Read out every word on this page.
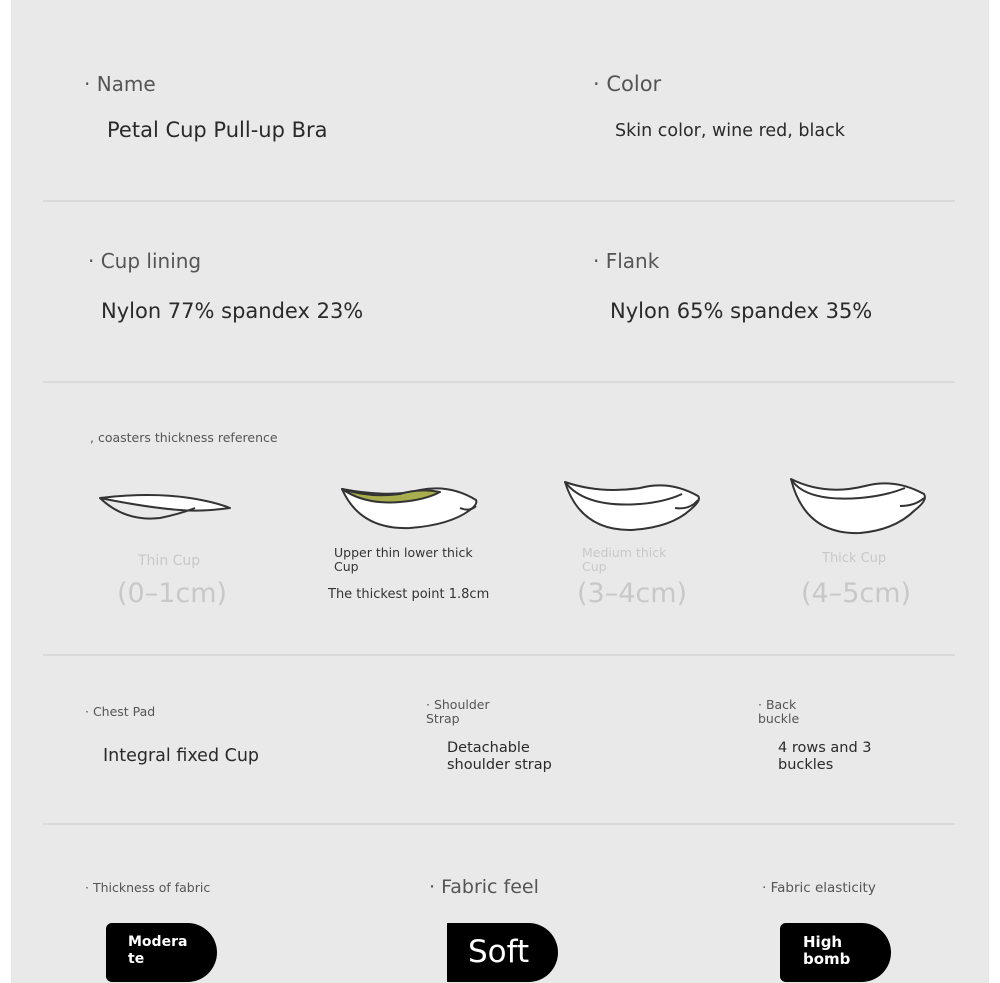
· Name
Petal Cup Pull-up Bra
· Color
Skin color, wine red, black
· Cup lining
Nylon 77% spandex 23%
· Flank
Nylon 65% spandex 35%
, coasters thickness reference
Thin Cup
(0–1cm)
Upper thin lower thick Cup
The thickest point 1.8cm
Medium thick Cup
(3–4cm)
Thick Cup
(4–5cm)
· Chest Pad
Integral fixed Cup
· Shoulder Strap
Detachable shoulder strap
· Back buckle
4 rows and 3 buckles
· Thickness of fabric
Moderate
· Fabric feel
Soft
· Fabric elasticity
High bomb
